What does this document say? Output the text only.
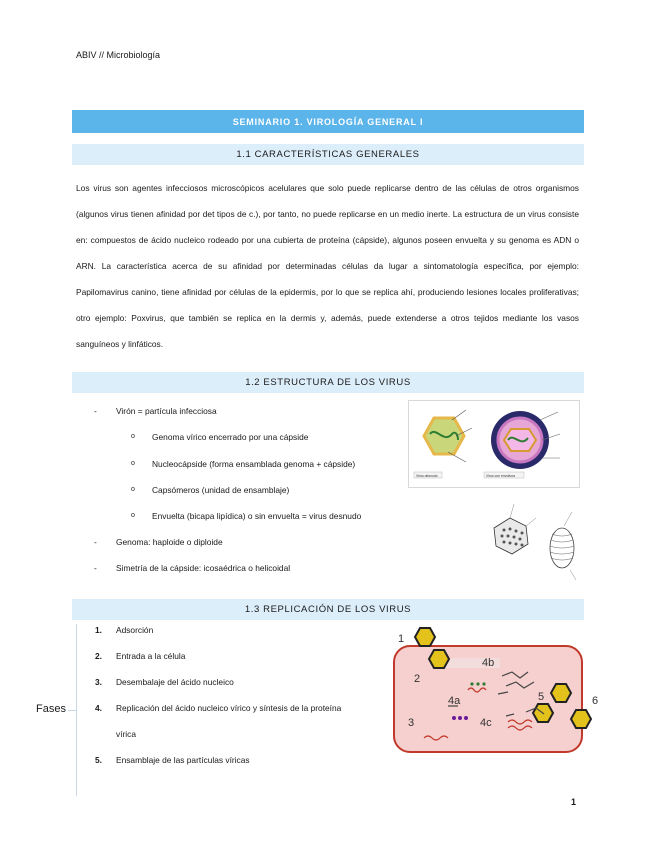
ABIV // Microbiología
SEMINARIO 1. VIROLOGÍA GENERAL I
1.1 CARACTERÍSTICAS GENERALES

Los virus son agentes infecciosos microscópicos acelulares que solo puede replicarse dentro de las células de otros organismos (algunos virus tienen afinidad por det tipos de c.), por tanto, no puede replicarse en un medio inerte. La estructura de un virus consiste en: compuestos de ácido nucleico rodeado por una cubierta de proteína (cápside), algunos poseen envuelta y su genoma es ADN o ARN. La característica acerca de su afinidad por determinadas células da lugar a sintomatología específica, por ejemplo: Papilomavirus canino, tiene afinidad por células de la epidermis, por lo que se replica ahí, produciendo lesiones locales proliferativas; otro ejemplo: Poxvirus, que también se replica en la dermis y, además, puede extenderse a otros tejidos mediante los vasos sanguíneos y linfáticos.

1.2 ESTRUCTURA DE LOS VIRUS
- Virón = partícula infecciosa
o Genoma vírico encerrado por una cápside
o Nucleocápside (forma ensamblada genoma + cápside)
o Capsómeros (unidad de ensamblaje)
o Envuelta (bicapa lipídica) o sin envuelta = virus desnudo
- Genoma: haploide o diploide
- Simetría de la cápside: icosaédrica o helicoidal
Virus desnudo	Virus con envoltura
1.3 REPLICACIÓN DE LOS VIRUS
Fases
1. Adsorción
2. Entrada a la célula
3. Desembalaje del ácido nucleico
4. Replicación del ácido nucleico vírico y síntesis de la proteína
vírica
5. Ensamblaje de las partículas víricas
1
2
3
4a
4b
4c
5	6
1
